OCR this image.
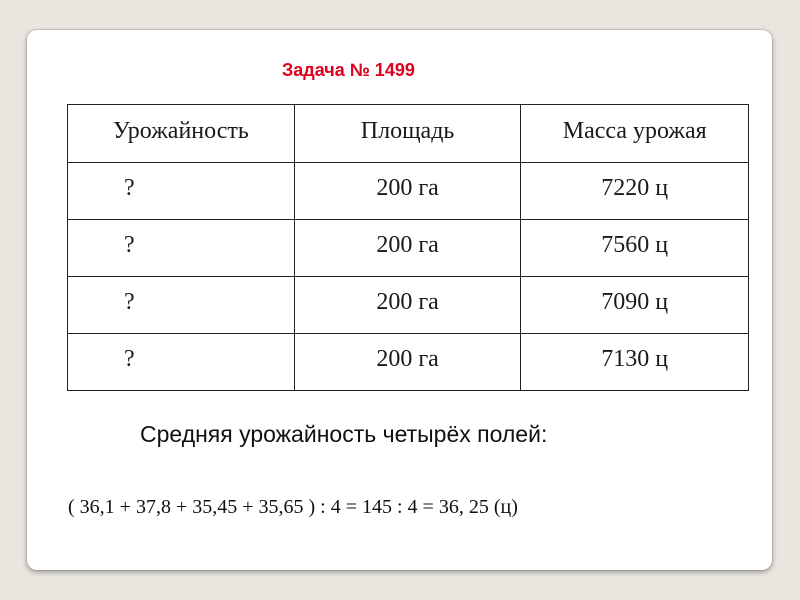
Задача № 1499
Урожайность	Площадь	Масса урожая

?	200 га	7220 ц

?	200 га	7560 ц

?	200 га	7090 ц

?	200 га	7130 ц
Средняя урожайность четырёх полей:
( 36,1 + 37,8 + 35,45 + 35,65 ) : 4 = 145 : 4 = 36, 25 (ц)
